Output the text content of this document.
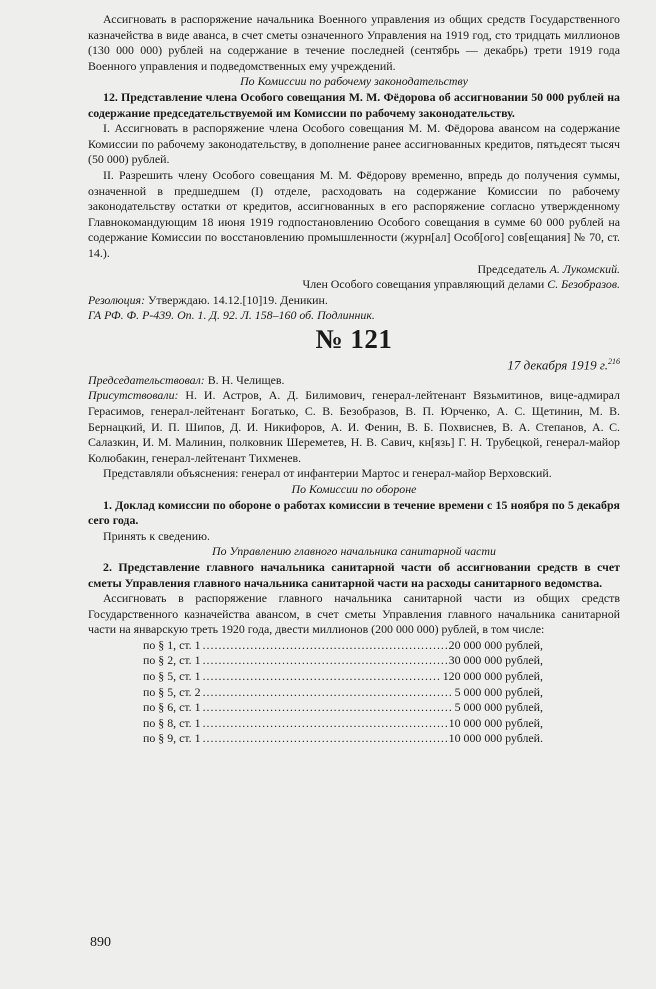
Ассигновать в распоряжение начальника Военного управления из общих средств Государственного казначейства в виде аванса, в счет сметы означенного Управления на 1919 год, сто тридцать миллионов (130 000 000) рублей на содержание в течение последней (сентябрь — декабрь) трети 1919 года Военного управления и подведомственных ему учреждений.

По Комиссии по рабочему законодательству

12. Представление члена Особого совещания М. М. Фёдорова об ассигновании 50 000 рублей на содержание председательствуемой им Комиссии по рабочему законодательству.

I. Ассигновать в распоряжение члена Особого совещания М. М. Фёдорова авансом на содержание Комиссии по рабочему законодательству, в дополнение ранее ассигнованных кредитов, пятьдесят тысяч (50 000) рублей.

II. Разрешить члену Особого совещания М. М. Фёдорову временно, впредь до получения суммы, означенной в предшедшем (I) отделе, расходовать на содержание Комиссии по рабочему законодательству остатки от кредитов, ассигнованных в его распоряжение согласно утвержденному Главнокомандующим 18 июня 1919 годпостановлению Особого совещания в сумме 60 000 рублей на содержание Комиссии по восстановлению промышленности (журн[ал] Особ[ого] сов[ещания] № 70, ст. 14.).

Председатель А. Лукомский.

Член Особого совещания управляющий делами С. Безобразов.

Резолюция: Утверждаю. 14.12.[10]19. Деникин.

ГА РФ. Ф. Р-439. Оп. 1. Д. 92. Л. 158–160 об. Подлинник.

№ 121

17 декабря 1919 г.$^{216}$

Председательствовал: В. Н. Челищев.

Присутствовали: Н. И. Астров, А. Д. Билимович, генерал-лейтенант Вязьмитинов, вице-адмирал Герасимов, генерал-лейтенант Богатько, С. В. Безобразов, В. П. Юрченко, А. С. Щетинин, М. В. Бернацкий, И. П. Шипов, Д. И. Никифоров, А. И. Фенин, В. Б. Похвиснев, В. А. Степанов, А. С. Салазкин, И. М. Малинин, полковник Шереметев, Н. В. Савич, кн[язь] Г. Н. Трубецкой, генерал-майор Колюбакин, генерал-лейтенант Тихменев.

Представляли объяснения: генерал от инфантерии Мартос и генерал-майор Верховский.

По Комиссии по обороне

1. Доклад комиссии по обороне о работах комиссии в течение времени с 15 ноября по 5 декабря сего года.

Принять к сведению.

По Управлению главного начальника санитарной части

2. Представление главного начальника санитарной части об ассигновании средств в счет сметы Управления главного начальника санитарной части на расходы санитарного ведомства.

Ассигновать в распоряжение главного начальника санитарной части из общих средств Государственного казначейства авансом, в счет сметы Управления главного начальника санитарной части на январскую треть 1920 года, двести миллионов (200 000 000) рублей, в том числе:

по § 1, ст. 1 .....	20 000 000 рублей,
по § 2, ст. 1 .....	30 000 000 рублей,
по § 5, ст. 1 .....	120 000 000 рублей,
по § 5, ст. 2 .....	5 000 000 рублей,
по § 6, ст. 1 .....	5 000 000 рублей,
по § 8, ст. 1 .....	10 000 000 рублей,
по § 9, ст. 1 .....	10 000 000 рублей.
890
